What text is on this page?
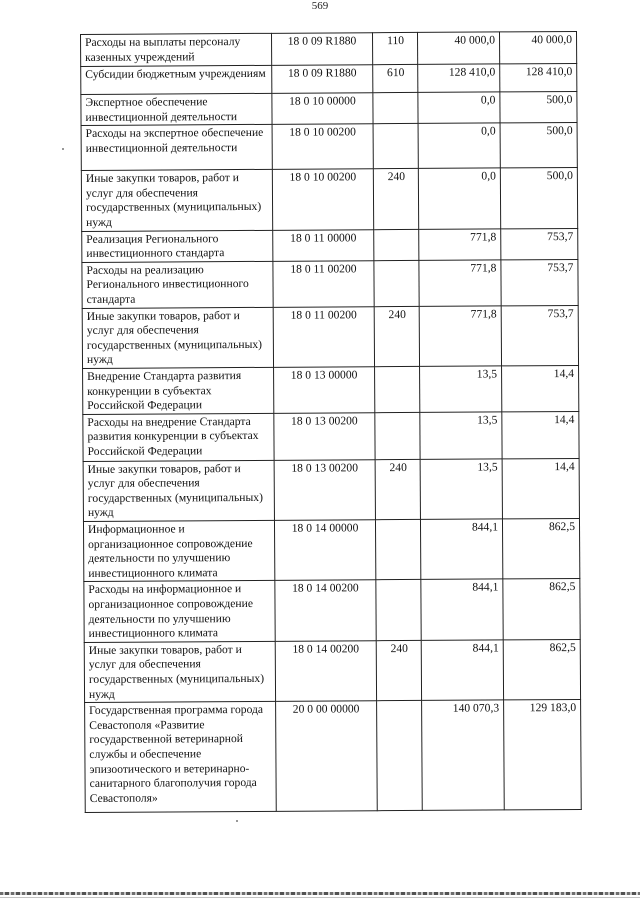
569
Расходы на выплаты персоналу казенных учреждений	18 0 09 R1880	110	40 000,0	40 000,0
Субсидии бюджетным учреждениям	18 0 09 R1880	610	128 410,0	128 410,0
Экспертное обеспечение инвестиционной деятельности	18 0 10 00000		0,0	500,0
Расходы на экспертное обеспечение инвестиционной деятельности	18 0 10 00200		0,0	500,0
Иные закупки товаров, работ и услуг для обеспечения государственных (муниципальных) нужд	18 0 10 00200	240	0,0	500,0
Реализация Регионального инвестиционного стандарта	18 0 11 00000		771,8	753,7
Расходы на реализацию Регионального инвестиционного стандарта	18 0 11 00200		771,8	753,7
Иные закупки товаров, работ и услуг для обеспечения государственных (муниципальных) нужд	18 0 11 00200	240	771,8	753,7
Внедрение Стандарта развития конкуренции в субъектах Российской Федерации	18 0 13 00000		13,5	14,4
Расходы на внедрение Стандарта развития конкуренции в субъектах Российской Федерации	18 0 13 00200		13,5	14,4
Иные закупки товаров, работ и услуг для обеспечения государственных (муниципальных) нужд	18 0 13 00200	240	13,5	14,4
Информационное и организационное сопровождение деятельности по улучшению инвестиционного климата	18 0 14 00000		844,1	862,5
Расходы на информационное и организационное сопровождение деятельности по улучшению инвестиционного климата	18 0 14 00200		844,1	862,5
Иные закупки товаров, работ и услуг для обеспечения государственных (муниципальных) нужд	18 0 14 00200	240	844,1	862,5
Государственная программа города Севастополя «Развитие государственной ветеринарной службы и обеспечение эпизоотического и ветеринарно-санитарного благополучия города Севастополя»	20 0 00 00000		140 070,3	129 183,0
